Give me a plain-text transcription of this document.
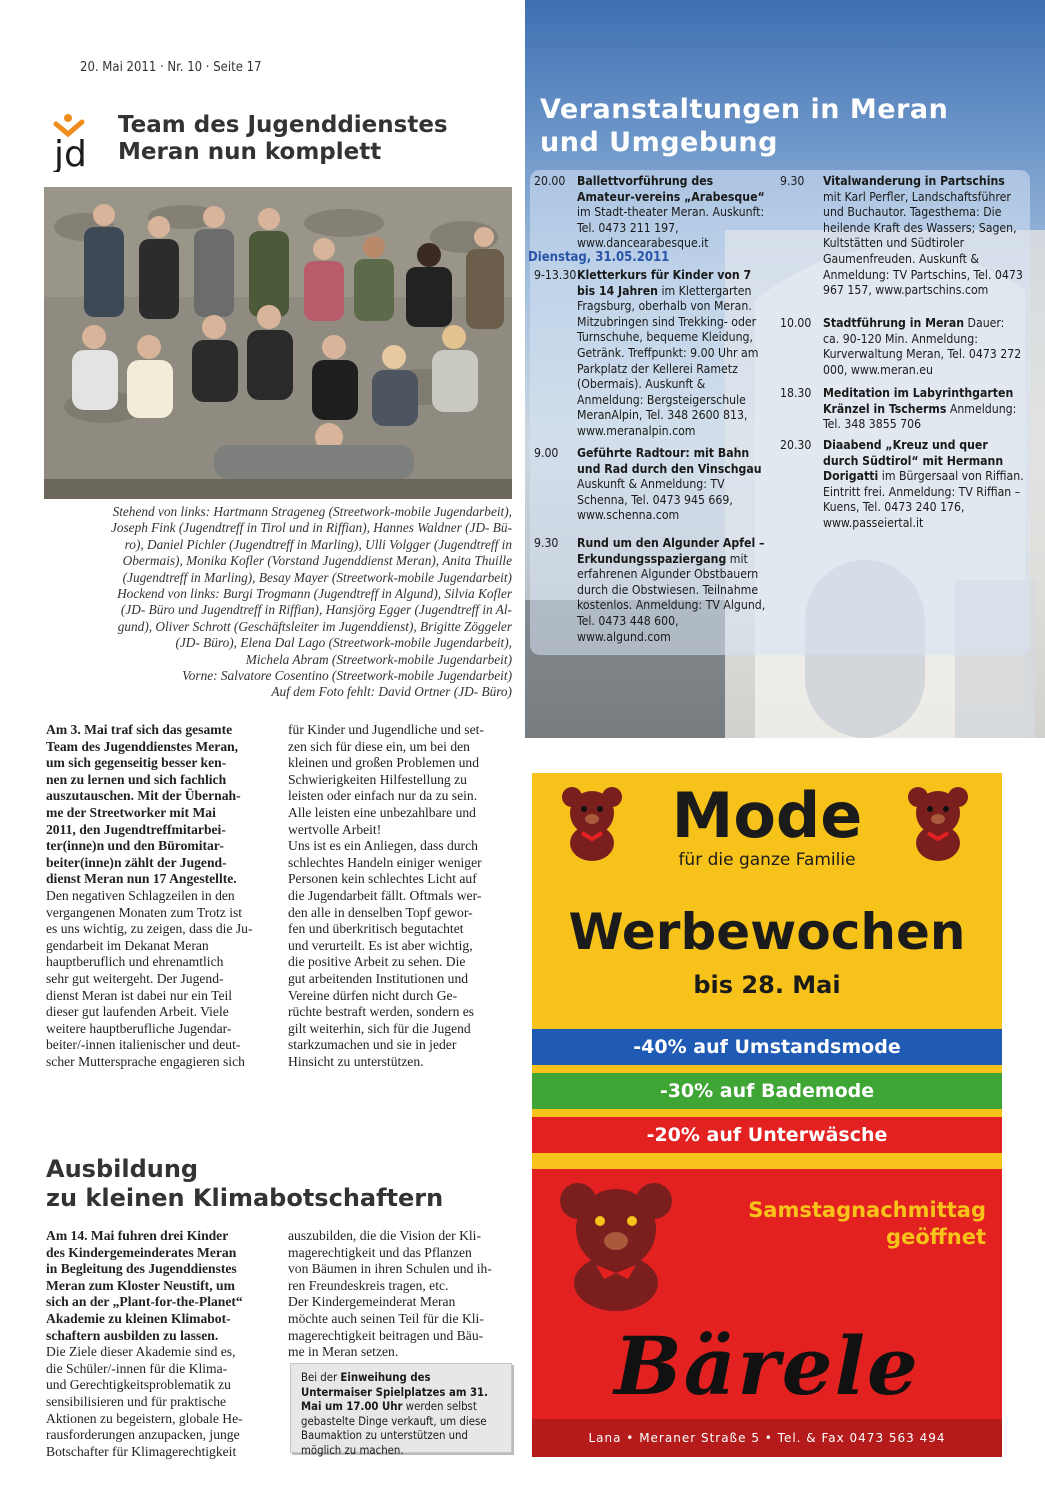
20. Mai 2011 · Nr. 10 · Seite 17
jd
Team des Jugenddienstes
Meran nun komplett
Stehend von links: Hartmann Strageneg (Streetwork-mobile Jugendarbeit),
Joseph Fink (Jugendtreff in Tirol und in Riffian), Hannes Waldner (JD- Bü-
ro), Daniel Pichler (Jugendtreff in Marling), Ulli Volgger (Jugendtreff in
Obermais), Monika Kofler (Vorstand Jugenddienst Meran), Anita Thuille
(Jugendtreff in Marling), Besay Mayer (Streetwork-mobile Jugendarbeit)
Hockend von links: Burgi Trogmann (Jugendtreff in Algund), Silvia Kofler
(JD- Büro und Jugendtreff in Riffian), Hansjörg Egger (Jugendtreff in Al-
gund), Oliver Schrott (Geschäftsleiter im Jugenddienst), Brigitte Zöggeler
(JD- Büro), Elena Dal Lago (Streetwork-mobile Jugendarbeit),
Michela Abram (Streetwork-mobile Jugendarbeit)
Vorne: Salvatore Cosentino (Streetwork-mobile Jugendarbeit)
Auf dem Foto fehlt: David Ortner (JD- Büro)
Am 3. Mai traf sich das gesamte
Team des Jugenddienstes Meran,
um sich gegenseitig besser ken-
nen zu lernen und sich fachlich
auszutauschen. Mit der Übernah-
me der Streetworker mit Mai
2011, den Jugendtreffmitarbei-
ter(inne)n und den Büromitar-
beiter(inne)n zählt der Jugend-
dienst Meran nun 17 Angestellte.
Den negativen Schlagzeilen in den
vergangenen Monaten zum Trotz ist
es uns wichtig, zu zeigen, dass die Ju-
gendarbeit im Dekanat Meran
hauptberuflich und ehrenamtlich
sehr gut weitergeht. Der Jugend-
dienst Meran ist dabei nur ein Teil
dieser gut laufenden Arbeit. Viele
weitere hauptberufliche Jugendar-
beiter/-innen italienischer und deut-
scher Muttersprache engagieren sich
für Kinder und Jugendliche und set-
zen sich für diese ein, um bei den
kleinen und großen Problemen und
Schwierigkeiten Hilfestellung zu
leisten oder einfach nur da zu sein.
Alle leisten eine unbezahlbare und
wertvolle Arbeit!
Uns ist es ein Anliegen, dass durch
schlechtes Handeln einiger weniger
Personen kein schlechtes Licht auf
die Jugendarbeit fällt. Oftmals wer-
den alle in denselben Topf gewor-
fen und überkritisch begutachtet
und verurteilt. Es ist aber wichtig,
die positive Arbeit zu sehen. Die
gut arbeitenden Institutionen und
Vereine dürfen nicht durch Ge-
rüchte bestraft werden, sondern es
gilt weiterhin, sich für die Jugend
starkzumachen und sie in jeder
Hinsicht zu unterstützen.
Ausbildung
zu kleinen Klimabotschaftern
Am 14. Mai fuhren drei Kinder
des Kindergemeinderates Meran
in Begleitung des Jugenddienstes
Meran zum Kloster Neustift, um
sich an der „Plant-for-the-Planet“
Akademie zu kleinen Klimabot-
schaftern ausbilden zu lassen.
Die Ziele dieser Akademie sind es,
die Schüler/-innen für die Klima-
und Gerechtigkeitsproblematik zu
sensibilisieren und für praktische
Aktionen zu begeistern, globale He-
rausforderungen anzupacken, junge
Botschafter für Klimagerechtigkeit
auszubilden, die die Vision der Kli-
magerechtigkeit und das Pflanzen
von Bäumen in ihren Schulen und ih-
ren Freundeskreis tragen, etc.
Der Kindergemeinderat Meran
möchte auch seinen Teil für die Kli-
magerechtigkeit beitragen und Bäu-
me in Meran setzen.
Bei der Einweihung des Untermaiser Spielplatzes am 31. Mai um 17.00 Uhr werden selbst gebastelte Dinge verkauft, um diese Baumaktion zu unterstützen und möglich zu machen.
Veranstaltungen in Meran
und Umgebung
20.00 Ballettvorführung des Amateur-vereins „Arabesque“ im Stadt-theater Meran. Auskunft: Tel. 0473 211 197, www.dancearabesque.it
Dienstag, 31.05.2011
9-13.30 Kletterkurs für Kinder von 7 bis 14 Jahren im Klettergarten Fragsburg, oberhalb von Meran. Mitzubringen sind Trekking- oder Turnschuhe, bequeme Kleidung, Getränk. Treffpunkt: 9.00 Uhr am Parkplatz der Kellerei Rametz (Obermais). Auskunft & Anmeldung: Bergsteigerschule MeranAlpin, Tel. 348 2600 813, www.meranalpin.com
9.00 Geführte Radtour: mit Bahn und Rad durch den Vinschgau Auskunft & Anmeldung: TV Schenna, Tel. 0473 945 669, www.schenna.com
9.30 Rund um den Algunder Apfel – Erkundungsspaziergang mit erfahrenen Algunder Obstbauern durch die Obstwiesen. Teilnahme kostenlos. Anmeldung: TV Algund, Tel. 0473 448 600, www.algund.com
9.30 Vitalwanderung in Partschins mit Karl Perfler, Landschaftsführer und Buchautor. Tagesthema: Die heilende Kraft des Wassers; Sagen, Kultstätten und Südtiroler Gaumenfreuden. Auskunft & Anmeldung: TV Partschins, Tel. 0473 967 157, www.partschins.com
10.00 Stadtführung in Meran Dauer: ca. 90-120 Min. Anmeldung: Kurverwaltung Meran, Tel. 0473 272 000, www.meran.eu
18.30 Meditation im Labyrinthgarten Kränzel in Tscherms Anmeldung: Tel. 348 3855 706
20.30 Diaabend „Kreuz und quer durch Südtirol“ mit Hermann Dorigatti im Bürgersaal von Riffian. Eintritt frei. Anmeldung: TV Riffian – Kuens, Tel. 0473 240 176, www.passeiertal.it
Mode
für die ganze Familie
Werbewochen
bis 28. Mai
-40% auf Umstandsmode
-30% auf Bademode
-20% auf Unterwäsche
Samstagnachmittag
geöffnet
Bärele
Lana • Meraner Straße 5 • Tel. & Fax 0473 563 494
